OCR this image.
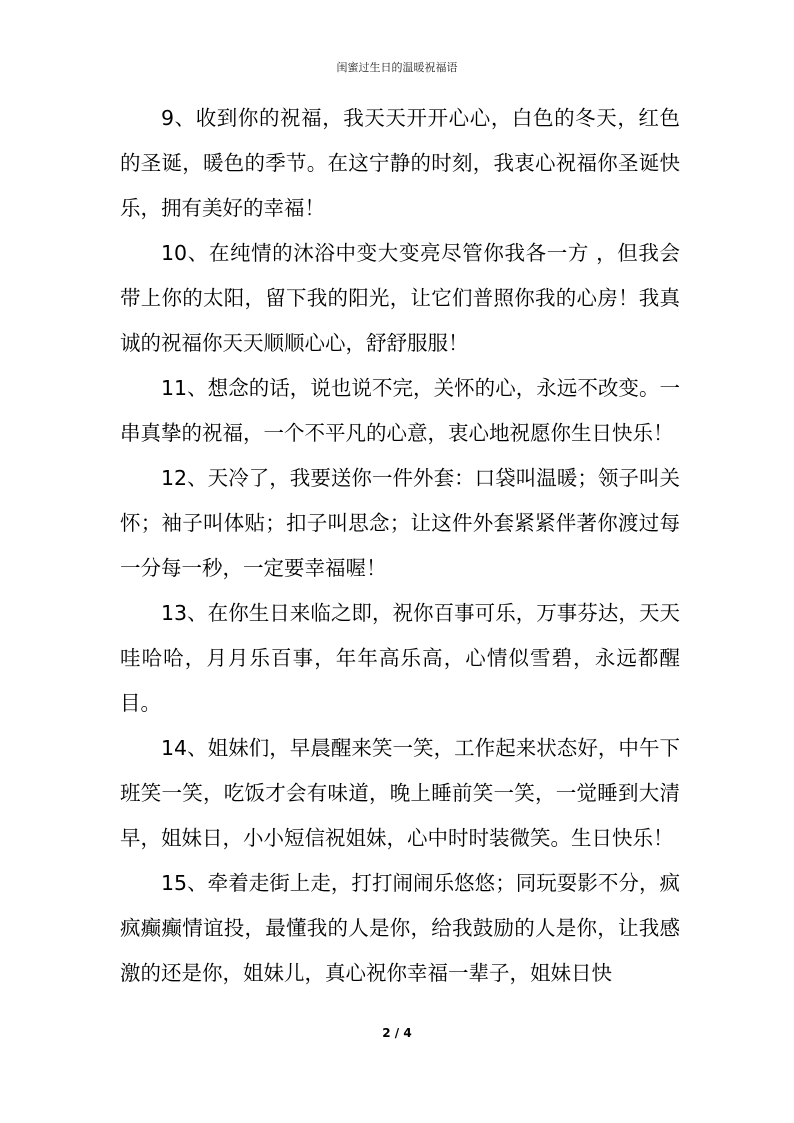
闺蜜过生日的温暖祝福语

9、收到你的祝福，我天天开开心心，白色的冬天，红色的圣诞，暖色的季节。在这宁静的时刻，我衷心祝福你圣诞快乐，拥有美好的幸福！

10、在纯情的沐浴中变大变亮尽管你我各一方 ，但我会带上你的太阳，留下我的阳光，让它们普照你我的心房！我真诚的祝福你天天顺顺心心，舒舒服服！

11、想念的话，说也说不完，关怀的心，永远不改变。一串真挚的祝福，一个不平凡的心意，衷心地祝愿你生日快乐！

12、天冷了，我要送你一件外套：口袋叫温暖；领子叫关怀；袖子叫体贴；扣子叫思念；让这件外套紧紧伴著你渡过每一分每一秒，一定要幸福喔！

13、在你生日来临之即，祝你百事可乐，万事芬达，天天哇哈哈，月月乐百事，年年高乐高，心情似雪碧，永远都醒目。

14、姐妹们，早晨醒来笑一笑，工作起来状态好，中午下班笑一笑，吃饭才会有味道，晚上睡前笑一笑，一觉睡到大清早，姐妹日，小小短信祝姐妹，心中时时装微笑。生日快乐！

15、牵着走街上走，打打闹闹乐悠悠；同玩耍影不分，疯疯癫癫情谊投，最懂我的人是你，给我鼓励的人是你，让我感激的还是你，姐妹儿，真心祝你幸福一辈子，姐妹日快

2 / 4
